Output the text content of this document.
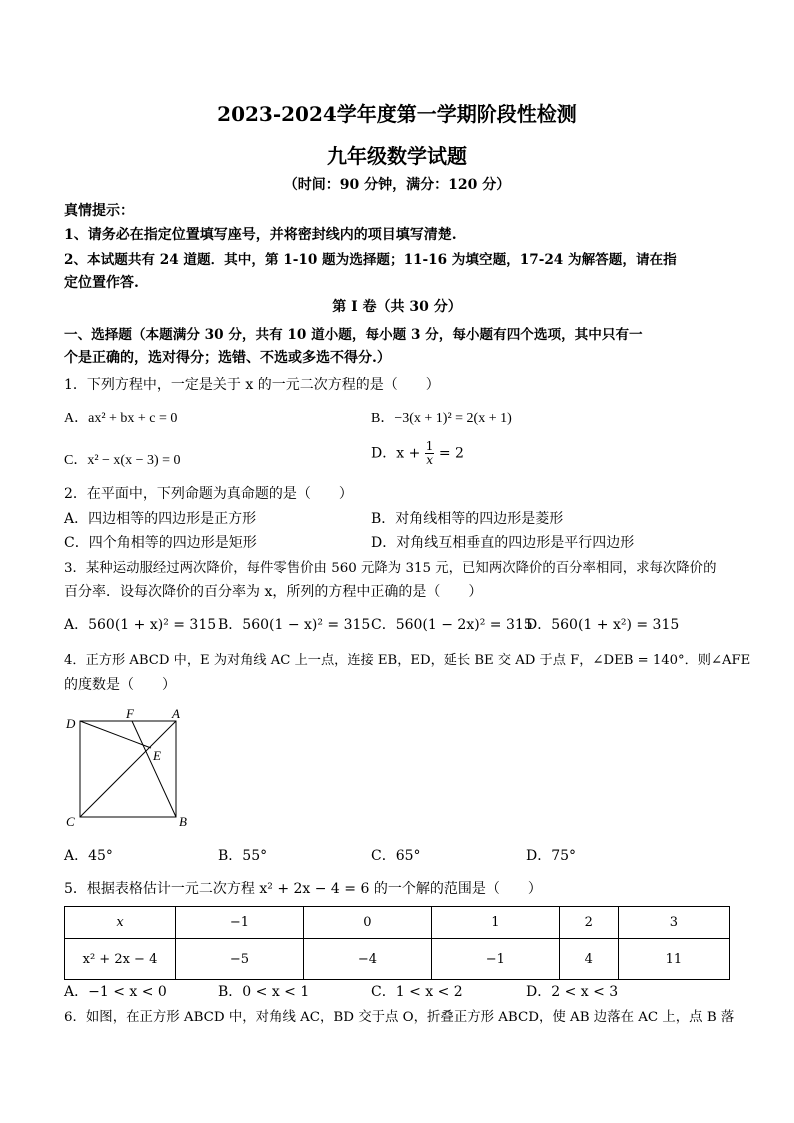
2023-2024学年度第一学期阶段性检测
九年级数学试题
（时间：90 分钟，满分：120 分）
真情提示：
1、请务必在指定位置填写座号，并将密封线内的项目填写清楚.
2、本试题共有 24 道题．其中，第 1-10 题为选择题；11-16 为填空题，17-24 为解答题，请在指
定位置作答.
第 I 卷（共 30 分）
一、选择题（本题满分 30 分，共有 10 道小题，每小题 3 分，每小题有四个选项，其中只有一
个是正确的，选对得分；选错、不选或多选不得分.）
1．下列方程中，一定是关于 x 的一元二次方程的是（　　）
A．ax² + bx + c = 0	B．−3(x + 1)² = 2(x + 1)
C．x² − x(x − 3) = 0	D．$x + \frac{1}{x} = 2$
2．在平面中，下列命题为真命题的是（　　）
A．四边相等的四边形是正方形	B．对角线相等的四边形是菱形
C．四个角相等的四边形是矩形	D．对角线互相垂直的四边形是平行四边形
3．某种运动服经过两次降价，每件零售价由 560 元降为 315 元，已知两次降价的百分率相同，求每次降价的
百分率．设每次降价的百分率为 x，所列的方程中正确的是（　　）
A．560(1 + x)² = 315 B．560(1 − x)² = 315 C．560(1 − 2x)² = 315
D．560(1 + x²) = 315
4．正方形 ABCD 中，E 为对角线 AC 上一点，连接 EB，ED，延长 BE 交 AD 于点 F，∠DEB = 140°．则∠AFE
的度数是（　　）
D
F	A
E
C	B
A．45°	B．55°	C．65°	D．75°
5．根据表格估计一元二次方程 x² + 2x − 4 = 6 的一个解的范围是（　　）
x	−1	0	1	2	3
x² + 2x − 4	−5	−4	−1	4	11
A．−1 < x < 0	B．0 < x < 1	C．1 < x < 2	D．2 < x < 3
6．如图，在正方形 ABCD 中，对角线 AC，BD 交于点 O，折叠正方形 ABCD，使 AB 边落在 AC 上，点 B 落
